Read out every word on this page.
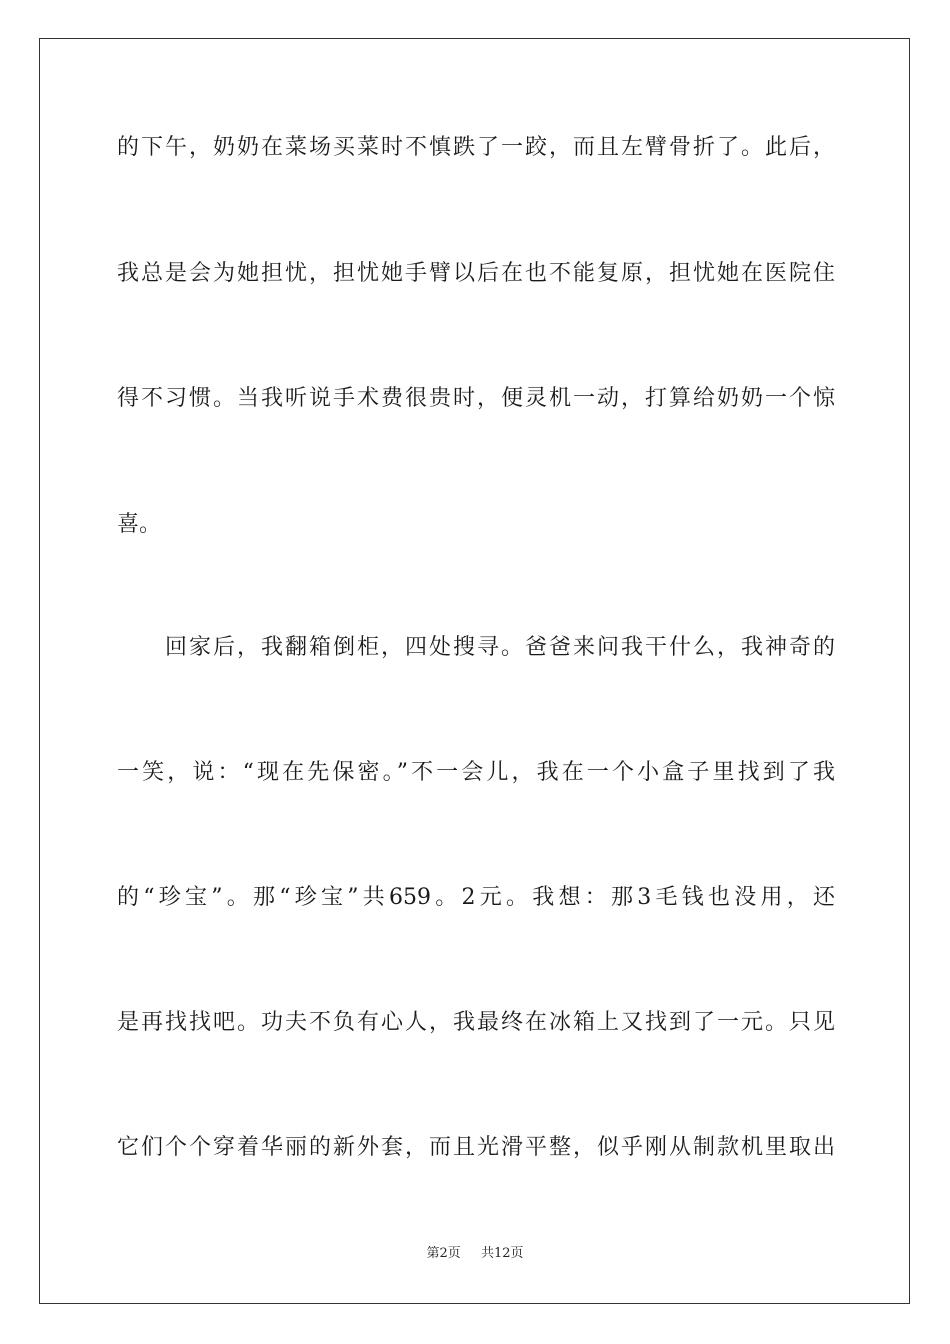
的下午，奶奶在菜场买菜时不慎跌了一跤，而且左臂骨折了。此后，
我总是会为她担忧，担忧她手臂以后在也不能复原，担忧她在医院住
得不习惯。当我听说手术费很贵时，便灵机一动，打算给奶奶一个惊
喜。
回家后，我翻箱倒柜，四处搜寻。爸爸来问我干什么，我神奇的
一笑，说：“现在先保密。”不一会儿，我在一个小盒子里找到了我
的“珍宝”。那“珍宝”共659。2元。我想：那3毛钱也没用，还
是再找找吧。功夫不负有心人，我最终在冰箱上又找到了一元。只见
它们个个穿着华丽的新外套，而且光滑平整，似乎刚从制款机里取出
第2页 共12页
